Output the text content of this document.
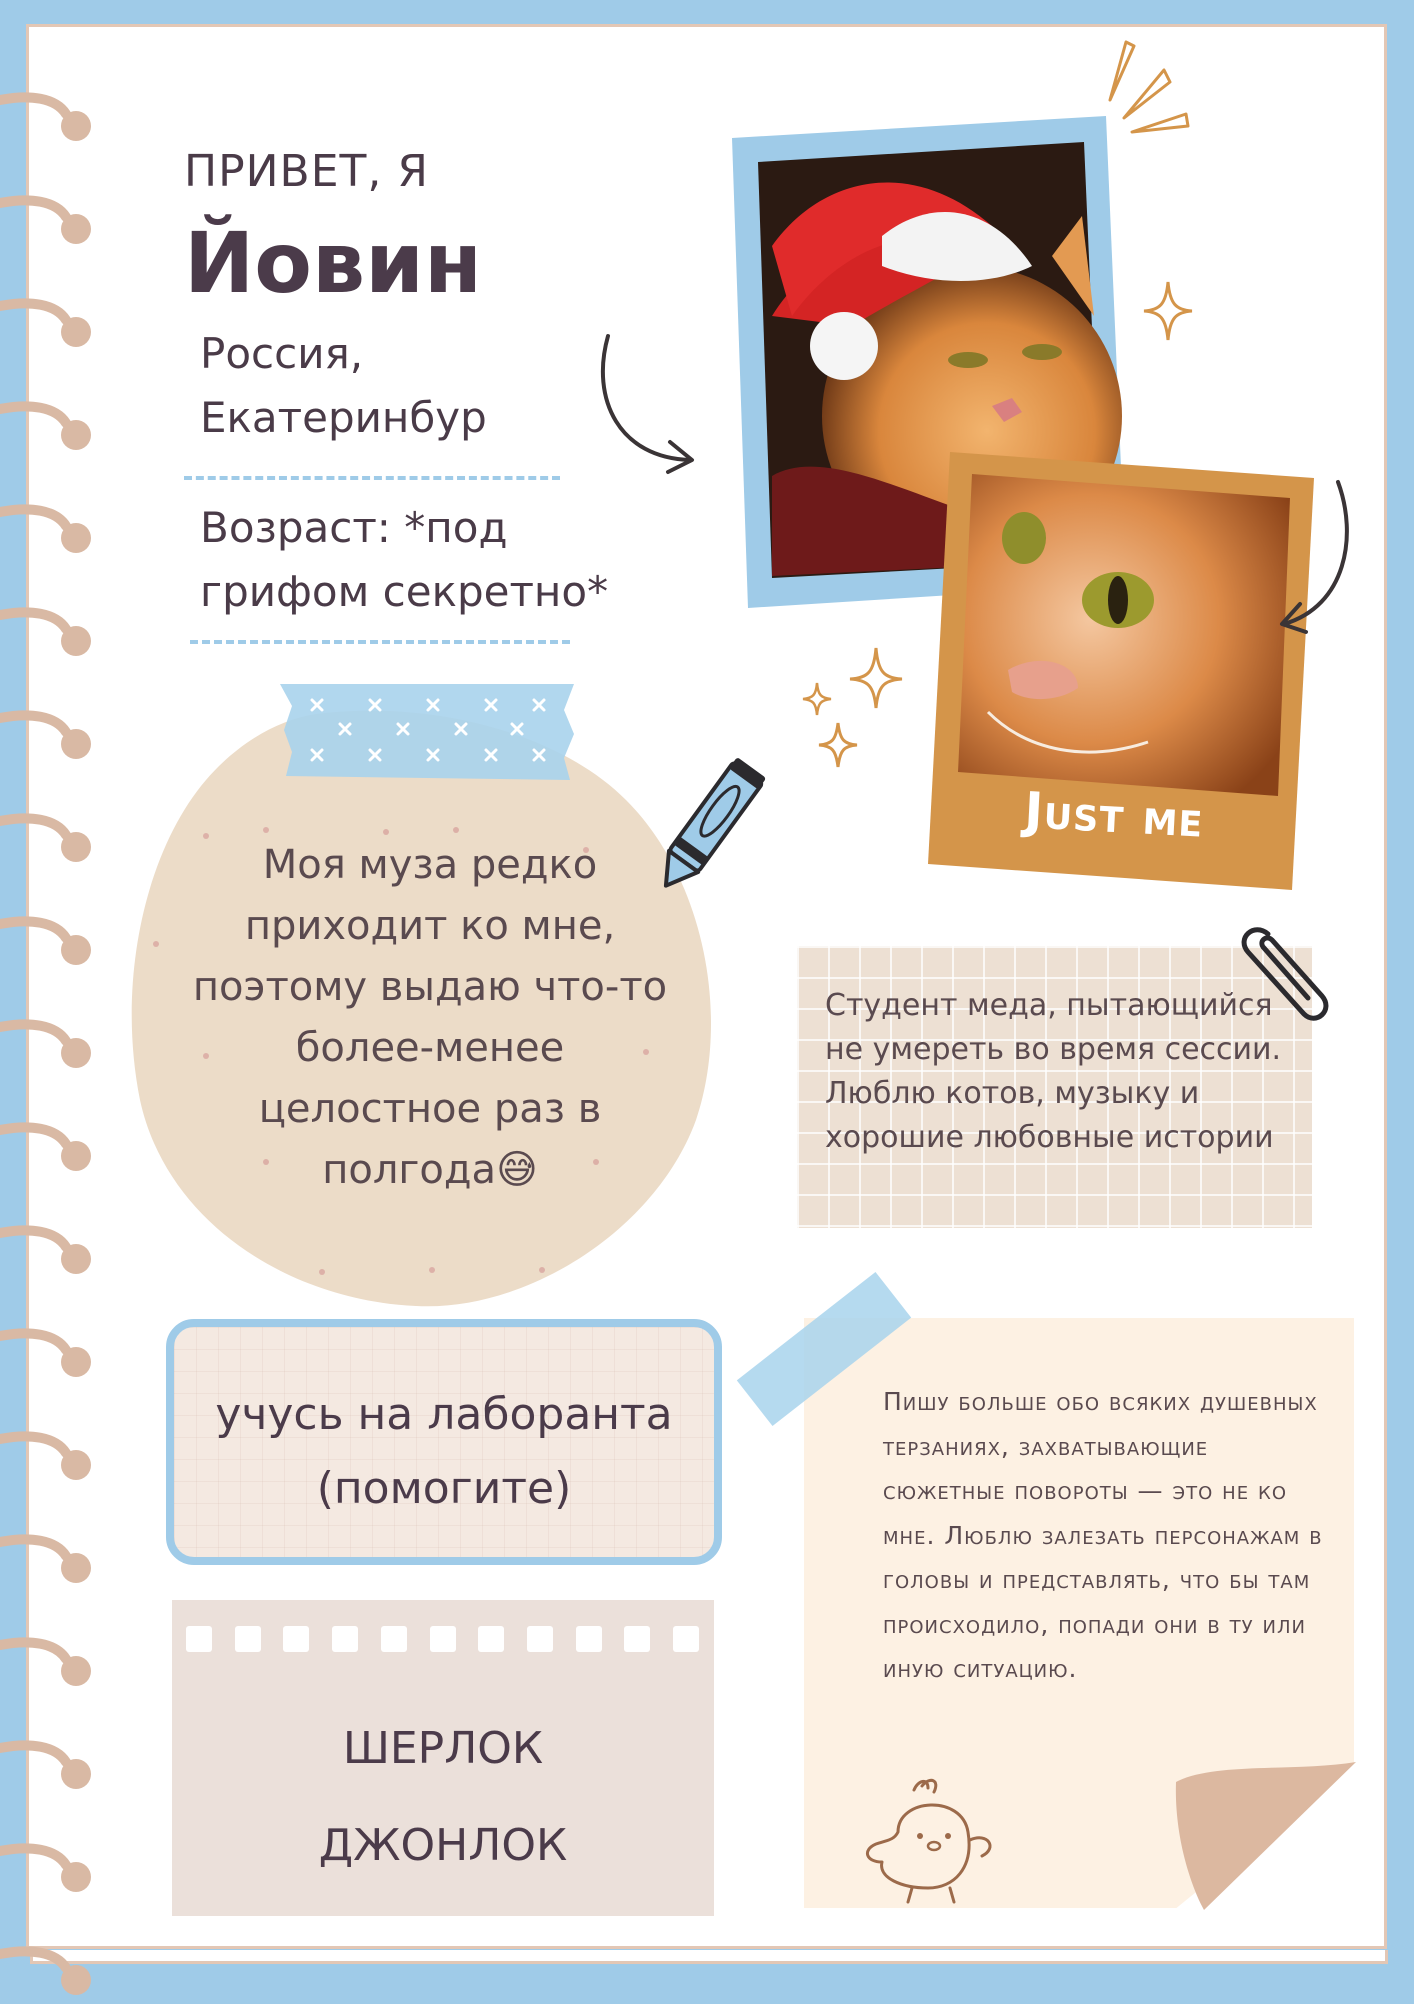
ПРИВЕТ, Я
Йовин
Россия, Екатеринбур
Возраст: *под грифом секретно*
Just me
Моя муза редко приходит ко мне, поэтому выдаю что-то более-менее целостное раз в полгода😅
Студент меда, пытающийся не умереть во время сессии. Люблю котов, музыку и хорошие любовные истории
учусь на лаборанта
(помогите)
Пишу больше обо всяких душевных терзаниях, захватывающие сюжетные повороты — это не ко мне. Люблю залезать персонажам в головы и представлять, что бы там происходило, попади они в ту или иную ситуацию.
ШЕРЛОК
ДЖОНЛОК
